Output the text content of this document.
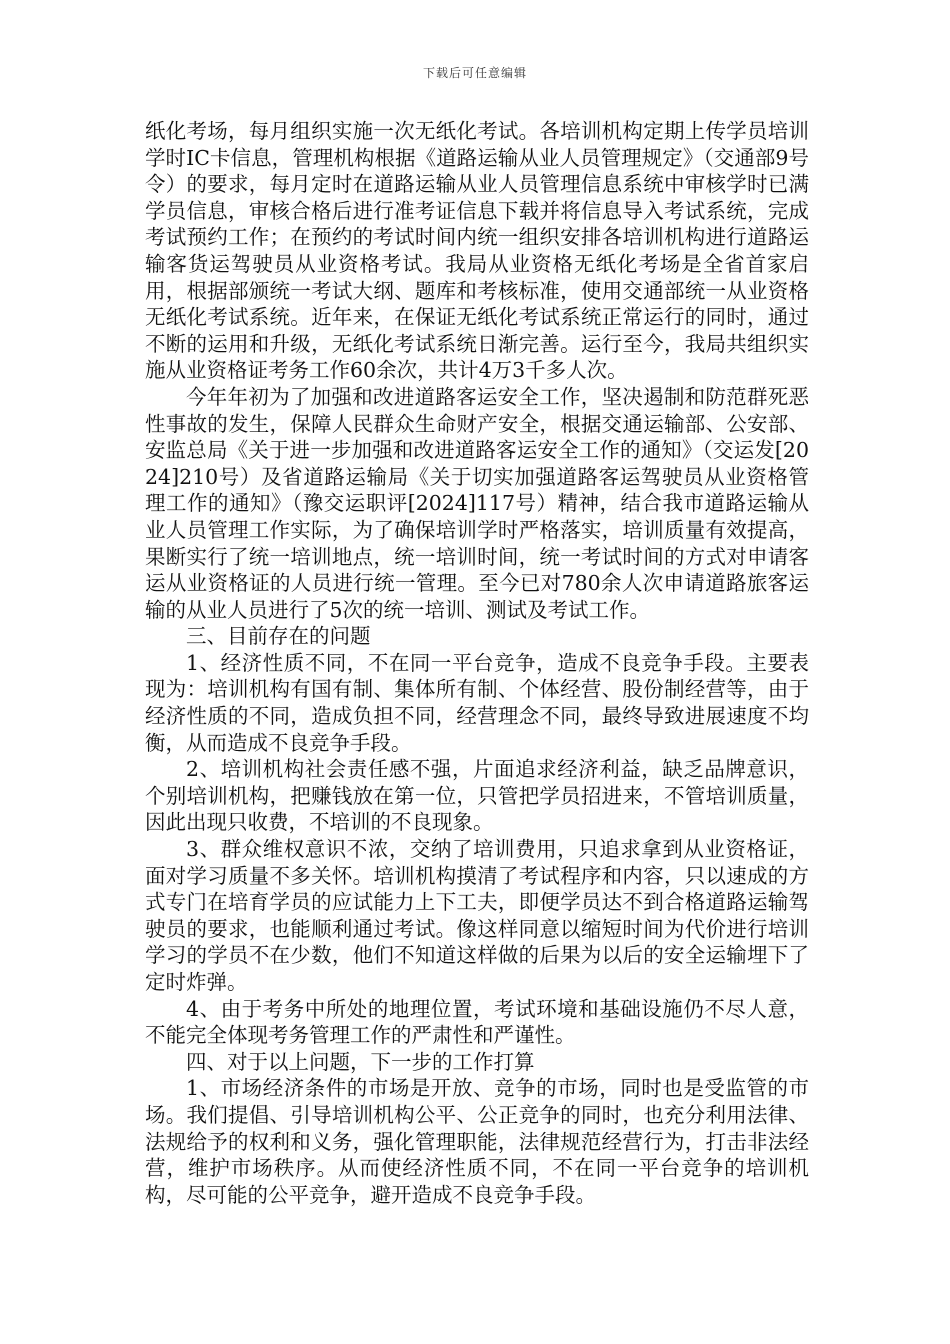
下载后可任意编辑

纸化考场，每月组织实施一次无纸化考试。各培训机构定期上传学员培训学时IC卡信息，管理机构根据《道路运输从业人员管理规定》（交通部9号令）的要求，每月定时在道路运输从业人员管理信息系统中审核学时已满学员信息，审核合格后进行准考证信息下载并将信息导入考试系统，完成考试预约工作；在预约的考试时间内统一组织安排各培训机构进行道路运输客货运驾驶员从业资格考试。我局从业资格无纸化考场是全省首家启用，根据部颁统一考试大纲、题库和考核标准，使用交通部统一从业资格无纸化考试系统。近年来，在保证无纸化考试系统正常运行的同时，通过不断的运用和升级，无纸化考试系统日渐完善。运行至今，我局共组织实施从业资格证考务工作60余次，共计4万3千多人次。

今年年初为了加强和改进道路客运安全工作，坚决遏制和防范群死恶性事故的发生，保障人民群众生命财产安全，根据交通运输部、公安部、安监总局《关于进一步加强和改进道路客运安全工作的通知》（交运发[2024]210号）及省道路运输局《关于切实加强道路客运驾驶员从业资格管理工作的通知》（豫交运职评[2024]117号）精神，结合我市道路运输从业人员管理工作实际，为了确保培训学时严格落实，培训质量有效提高，果断实行了统一培训地点，统一培训时间，统一考试时间的方式对申请客运从业资格证的人员进行统一管理。至今已对780余人次申请道路旅客运输的从业人员进行了5次的统一培训、测试及考试工作。

三、目前存在的问题

1、经济性质不同，不在同一平台竞争，造成不良竞争手段。主要表现为：培训机构有国有制、集体所有制、个体经营、股份制经营等，由于经济性质的不同，造成负担不同，经营理念不同，最终导致进展速度不均衡，从而造成不良竞争手段。

2、培训机构社会责任感不强，片面追求经济利益，缺乏品牌意识，个别培训机构，把赚钱放在第一位，只管把学员招进来，不管培训质量，因此出现只收费，不培训的不良现象。

3、群众维权意识不浓，交纳了培训费用，只追求拿到从业资格证，面对学习质量不多关怀。培训机构摸清了考试程序和内容，只以速成的方式专门在培育学员的应试能力上下工夫，即便学员达不到合格道路运输驾驶员的要求，也能顺利通过考试。像这样同意以缩短时间为代价进行培训学习的学员不在少数，他们不知道这样做的后果为以后的安全运输埋下了定时炸弹。

4、由于考务中所处的地理位置，考试环境和基础设施仍不尽人意，不能完全体现考务管理工作的严肃性和严谨性。

四、对于以上问题，下一步的工作打算

1、市场经济条件的市场是开放、竞争的市场，同时也是受监管的市场。我们提倡、引导培训机构公平、公正竞争的同时，也充分利用法律、法规给予的权利和义务，强化管理职能，法律规范经营行为，打击非法经营，维护市场秩序。从而使经济性质不同，不在同一平台竞争的培训机构，尽可能的公平竞争，避开造成不良竞争手段。
